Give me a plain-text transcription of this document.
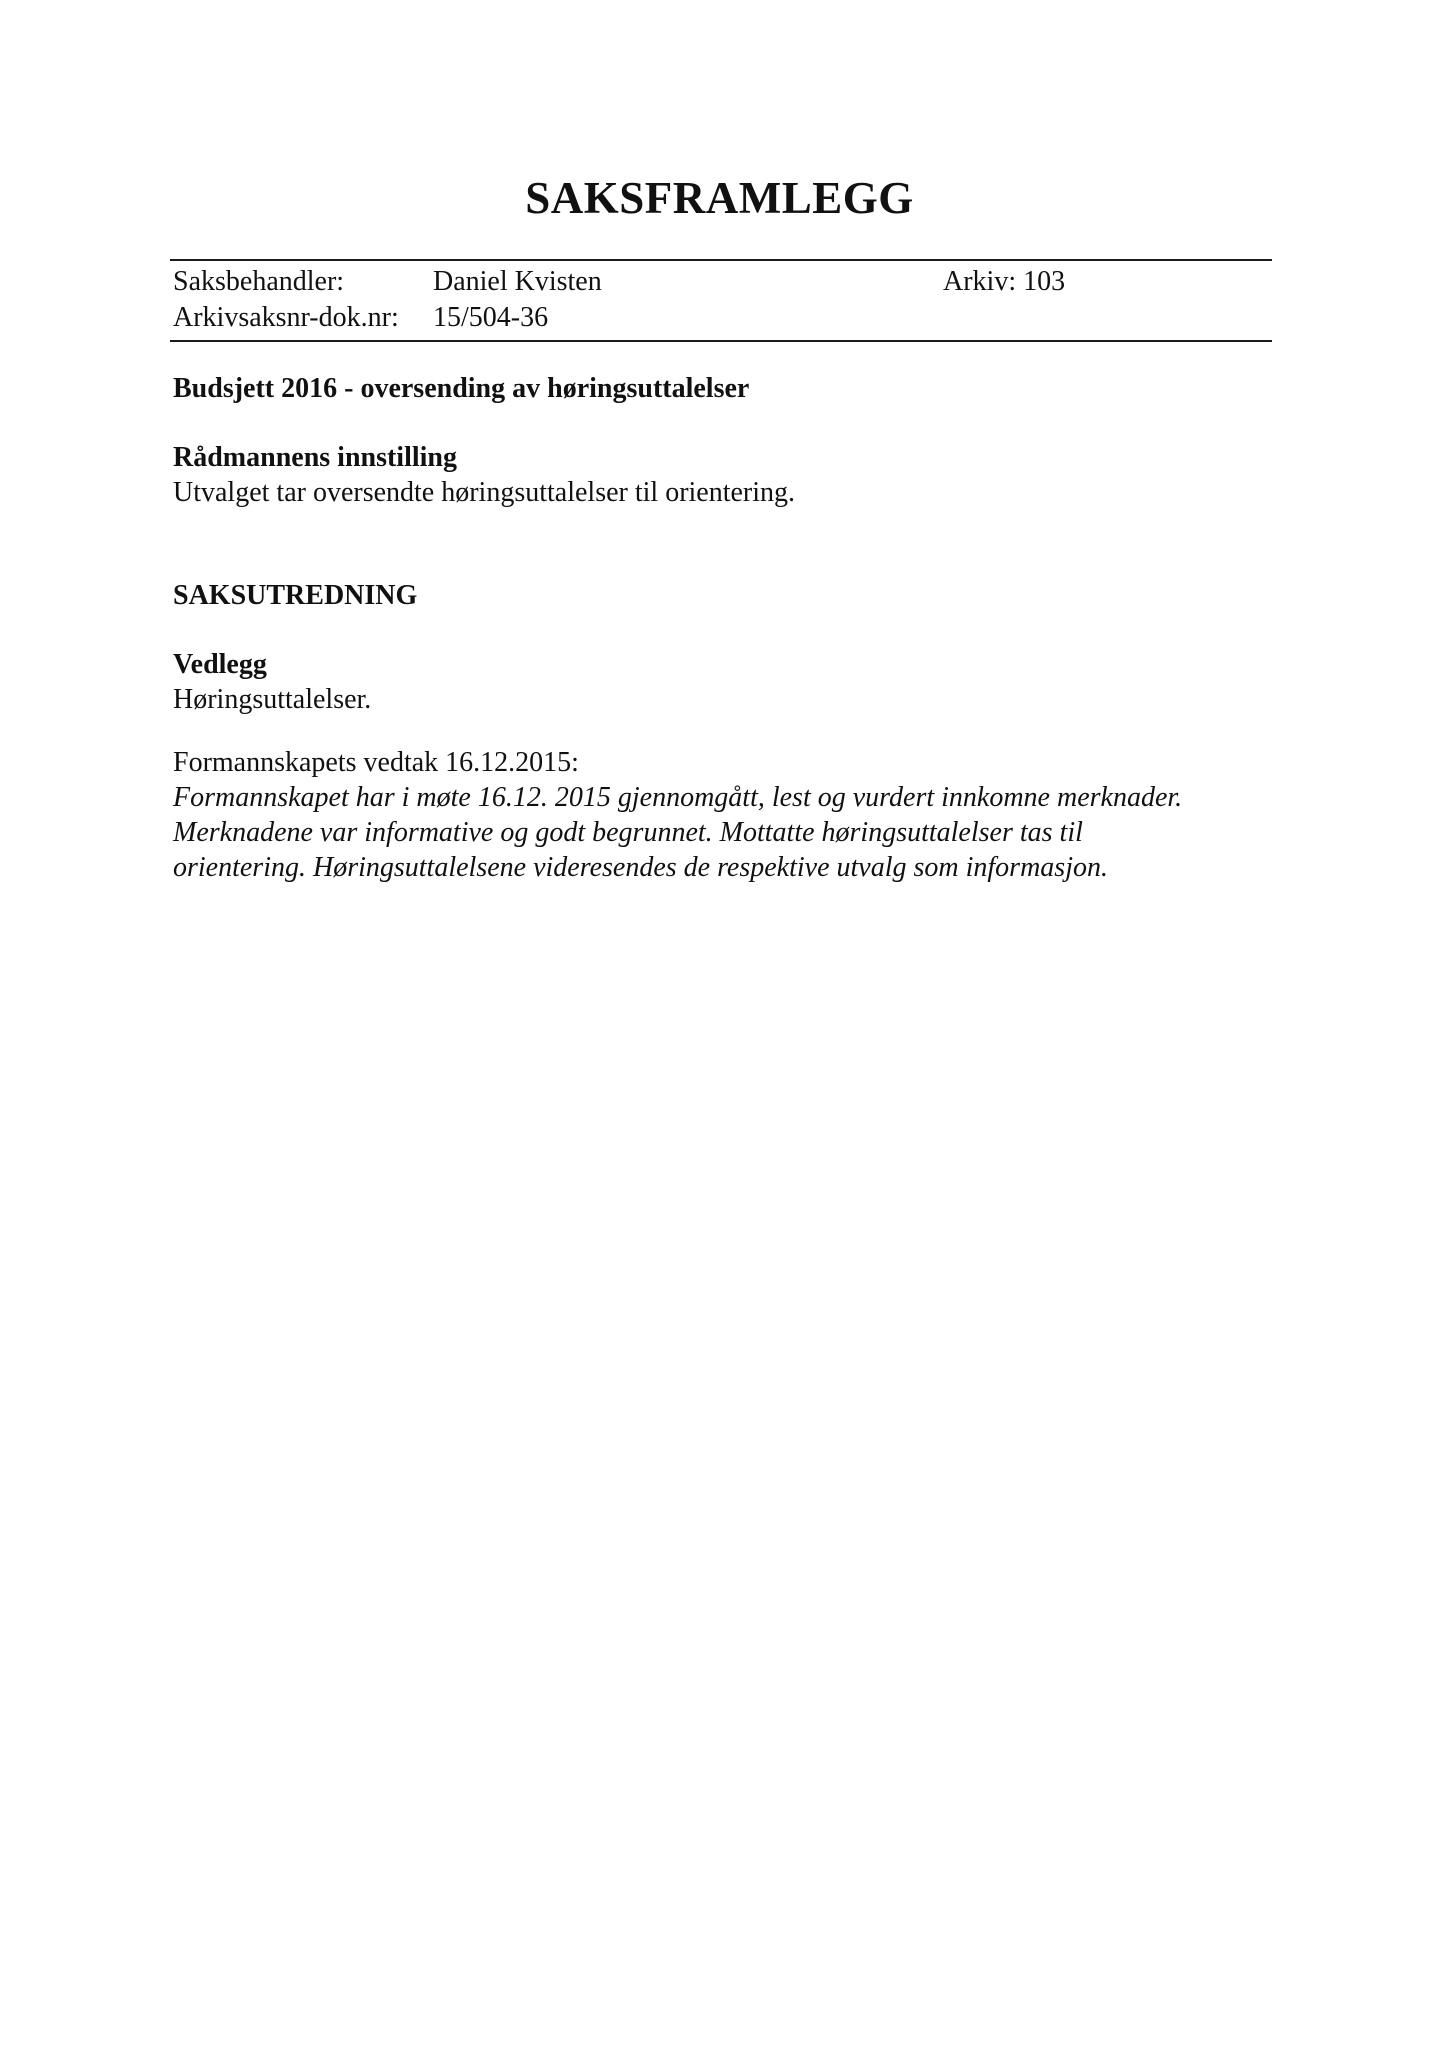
SAKSFRAMLEGG
Saksbehandler:	Daniel Kvisten	Arkiv: 103
Arkivsaksnr-dok.nr: 15/504-36
Budsjett 2016 - oversending av høringsuttalelser
Rådmannens innstilling
Utvalget tar oversendte høringsuttalelser til orientering.
SAKSUTREDNING
Vedlegg
Høringsuttalelser.
Formannskapets vedtak 16.12.2015:
Formannskapet har i møte 16.12. 2015 gjennomgått, lest og vurdert innkomne merknader.
Merknadene var informative og godt begrunnet. Mottatte høringsuttalelser tas til
orientering. Høringsuttalelsene videresendes de respektive utvalg som informasjon.
